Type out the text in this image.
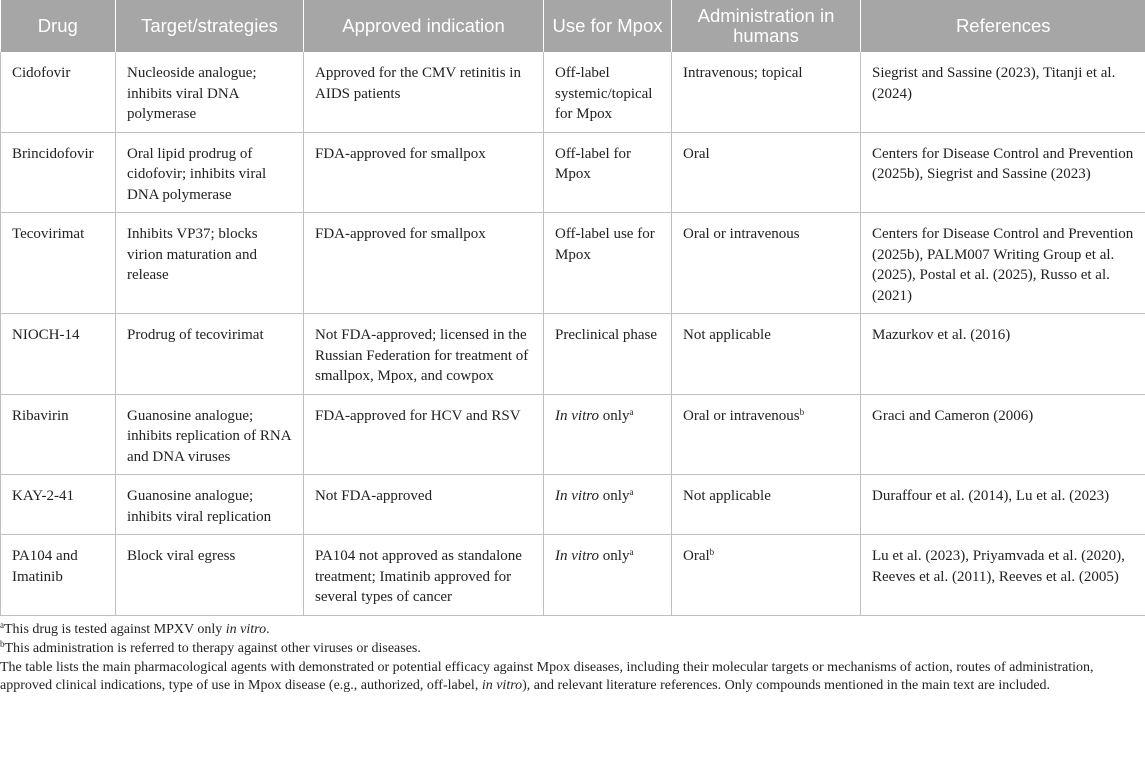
Drug	Target/strategies	Approved indication	Use for Mpox	Administration in humans	References
Cidofovir	Nucleoside analogue; inhibits viral DNA polymerase	Approved for the CMV retinitis in AIDS patients	Off-label systemic/topical for Mpox	Intravenous; topical	Siegrist and Sassine (2023), Titanji et al. (2024)
Brincidofovir	Oral lipid prodrug of cidofovir; inhibits viral DNA polymerase	FDA-approved for smallpox	Off-label for Mpox	Oral	Centers for Disease Control and Prevention (2025b), Siegrist and Sassine (2023)
Tecovirimat	Inhibits VP37; blocks virion maturation and release	FDA-approved for smallpox	Off-label use for Mpox	Oral or intravenous	Centers for Disease Control and Prevention (2025b), PALM007 Writing Group et al. (2025), Postal et al. (2025), Russo et al. (2021)
NIOCH-14	Prodrug of tecovirimat	Not FDA-approved; licensed in the Russian Federation for treatment of smallpox, Mpox, and cowpox	Preclinical phase	Not applicable	Mazurkov et al. (2016)
Ribavirin	Guanosine analogue; inhibits replication of RNA and DNA viruses	FDA-approved for HCV and RSV	In vitro only$^a$	Oral or intravenous$^b$	Graci and Cameron (2006)
KAY-2-41	Guanosine analogue; inhibits viral replication	Not FDA-approved	In vitro only$^a$	Not applicable	Duraffour et al. (2014), Lu et al. (2023)
PA104 and Imatinib	Block viral egress	PA104 not approved as standalone treatment; Imatinib approved for several types of cancer	In vitro only$^a$	Oral$^b$	Lu et al. (2023), Priyamvada et al. (2020), Reeves et al. (2011), Reeves et al. (2005)
$^a$This drug is tested against MPXV only in vitro.
$^b$This administration is referred to therapy against other viruses or diseases.
The table lists the main pharmacological agents with demonstrated or potential efficacy against Mpox diseases, including their molecular targets or mechanisms of action, routes of administration, approved clinical indications, type of use in Mpox disease (e.g., authorized, off-label, in vitro), and relevant literature references. Only compounds mentioned in the main text are included.
